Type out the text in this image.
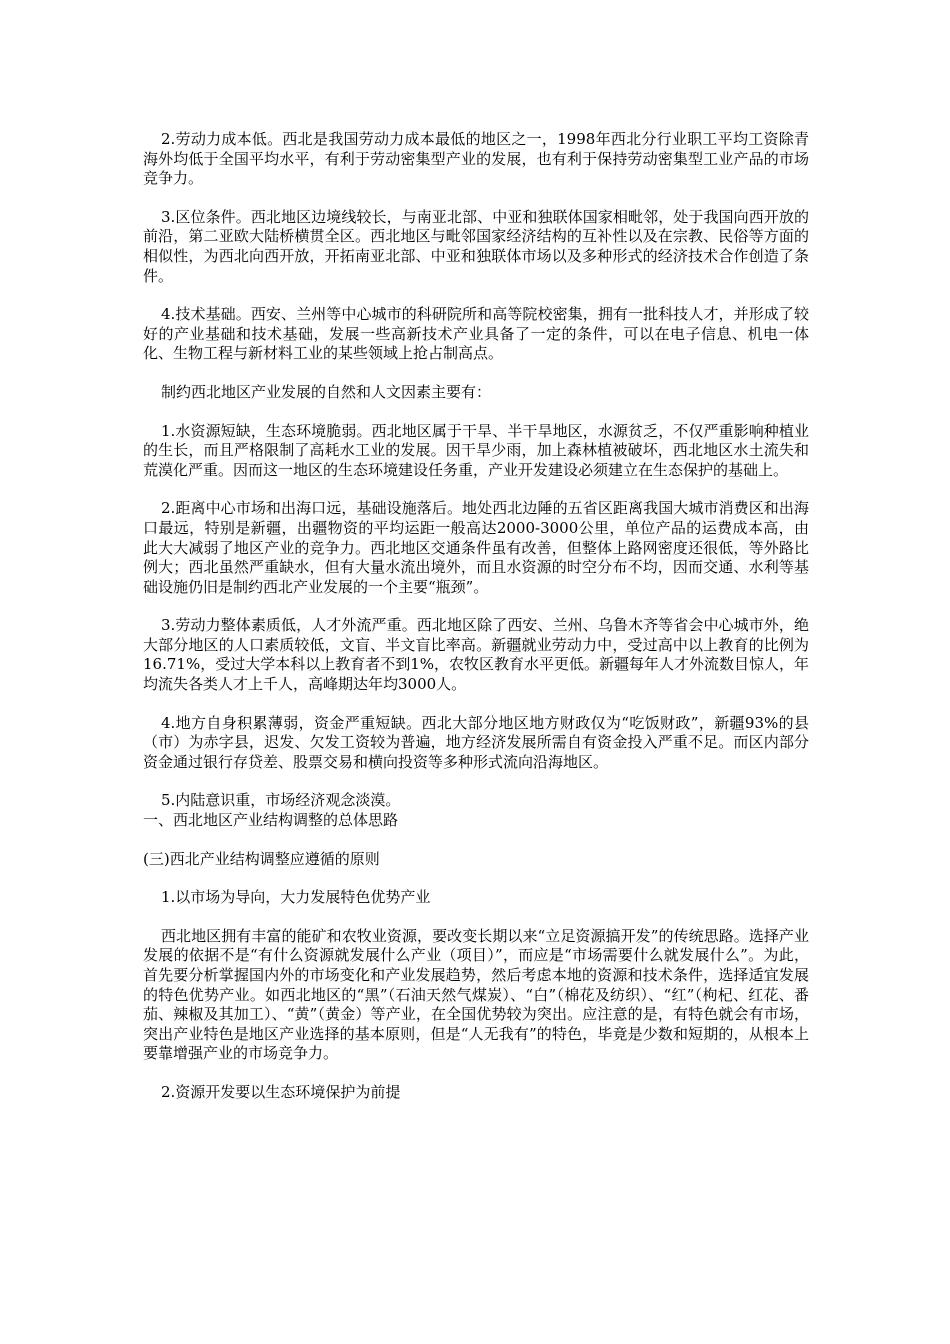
2.劳动力成本低。西北是我国劳动力成本最低的地区之一，1998年西北分行业职工平均工资除青海外均低于全国平均水平，有利于劳动密集型产业的发展，也有利于保持劳动密集型工业产品的市场竞争力。

3.区位条件。西北地区边境线较长，与南亚北部、中亚和独联体国家相毗邻，处于我国向西开放的前沿，第二亚欧大陆桥横贯全区。西北地区与毗邻国家经济结构的互补性以及在宗教、民俗等方面的相似性，为西北向西开放，开拓南亚北部、中亚和独联体市场以及多种形式的经济技术合作创造了条件。

4.技术基础。西安、兰州等中心城市的科研院所和高等院校密集，拥有一批科技人才，并形成了较好的产业基础和技术基础，发展一些高新技术产业具备了一定的条件，可以在电子信息、机电一体化、生物工程与新材料工业的某些领域上抢占制高点。

制约西北地区产业发展的自然和人文因素主要有：

1.水资源短缺，生态环境脆弱。西北地区属于干旱、半干旱地区，水源贫乏，不仅严重影响种植业的生长，而且严格限制了高耗水工业的发展。因干旱少雨，加上森林植被破坏，西北地区水土流失和荒漠化严重。因而这一地区的生态环境建设任务重，产业开发建设必须建立在生态保护的基础上。

2.距离中心市场和出海口远，基础设施落后。地处西北边陲的五省区距离我国大城市消费区和出海口最远，特别是新疆，出疆物资的平均运距一般高达2000-3000公里，单位产品的运费成本高，由此大大减弱了地区产业的竞争力。西北地区交通条件虽有改善，但整体上路网密度还很低，等外路比例大；西北虽然严重缺水，但有大量水流出境外，而且水资源的时空分布不均，因而交通、水利等基础设施仍旧是制约西北产业发展的一个主要“瓶颈”。

3.劳动力整体素质低，人才外流严重。西北地区除了西安、兰州、乌鲁木齐等省会中心城市外，绝大部分地区的人口素质较低，文盲、半文盲比率高。新疆就业劳动力中，受过高中以上教育的比例为16.71%，受过大学本科以上教育者不到1%，农牧区教育水平更低。新疆每年人才外流数目惊人，年均流失各类人才上千人，高峰期达年均3000人。

4.地方自身积累薄弱，资金严重短缺。西北大部分地区地方财政仅为“吃饭财政”，新疆93%的县（市）为赤字县，迟发、欠发工资较为普遍，地方经济发展所需自有资金投入严重不足。而区内部分资金通过银行存贷差、股票交易和横向投资等多种形式流向沿海地区。

5.内陆意识重，市场经济观念淡漠。

一、西北地区产业结构调整的总体思路

(三)西北产业结构调整应遵循的原则

1.以市场为导向，大力发展特色优势产业

西北地区拥有丰富的能矿和农牧业资源，要改变长期以来“立足资源搞开发”的传统思路。选择产业发展的依据不是“有什么资源就发展什么产业（项目）”，而应是“市场需要什么就发展什么”。为此，首先要分析掌握国内外的市场变化和产业发展趋势，然后考虑本地的资源和技术条件，选择适宜发展的特色优势产业。如西北地区的“黑”（石油天然气煤炭）、“白”（棉花及纺织）、“红”（枸杞、红花、番茄、辣椒及其加工）、“黄”（黄金）等产业，在全国优势较为突出。应注意的是，有特色就会有市场，突出产业特色是地区产业选择的基本原则，但是“人无我有”的特色，毕竟是少数和短期的，从根本上要靠增强产业的市场竞争力。

2.资源开发要以生态环境保护为前提
